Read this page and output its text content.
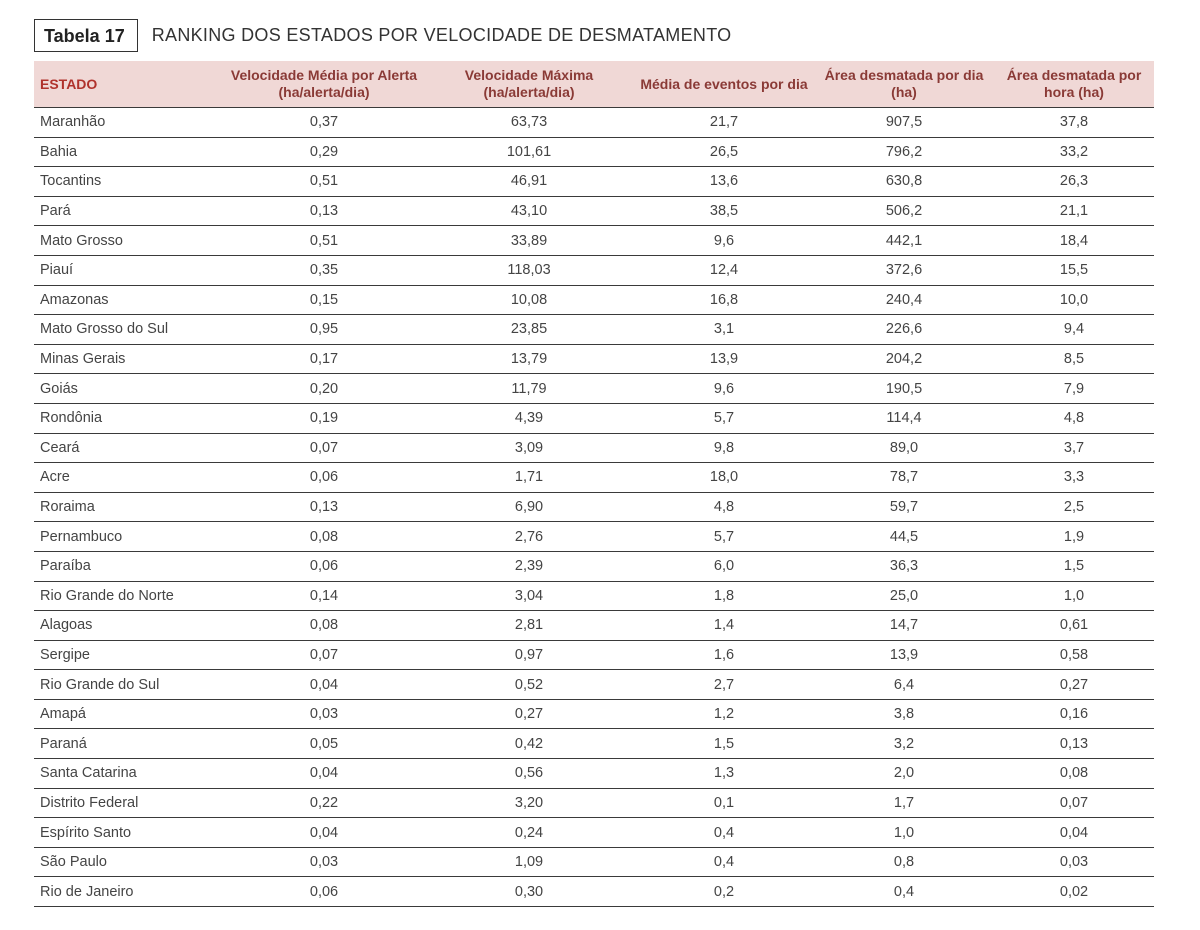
Tabela 17	RANKING DOS ESTADOS POR VELOCIDADE DE DESMATAMENTO
ESTADO	Velocidade Média por Alerta (ha/alerta/dia)	Velocidade Máxima (ha/alerta/dia)	Média de eventos por dia	Área desmatada por dia (ha)	Área desmatada por hora (ha)
Maranhão	0,37	63,73	21,7	907,5	37,8
Bahia	0,29	101,61	26,5	796,2	33,2
Tocantins	0,51	46,91	13,6	630,8	26,3
Pará	0,13	43,10	38,5	506,2	21,1
Mato Grosso	0,51	33,89	9,6	442,1	18,4
Piauí	0,35	118,03	12,4	372,6	15,5
Amazonas	0,15	10,08	16,8	240,4	10,0
Mato Grosso do Sul	0,95	23,85	3,1	226,6	9,4
Minas Gerais	0,17	13,79	13,9	204,2	8,5
Goiás	0,20	11,79	9,6	190,5	7,9
Rondônia	0,19	4,39	5,7	114,4	4,8
Ceará	0,07	3,09	9,8	89,0	3,7
Acre	0,06	1,71	18,0	78,7	3,3
Roraima	0,13	6,90	4,8	59,7	2,5
Pernambuco	0,08	2,76	5,7	44,5	1,9
Paraíba	0,06	2,39	6,0	36,3	1,5
Rio Grande do Norte	0,14	3,04	1,8	25,0	1,0
Alagoas	0,08	2,81	1,4	14,7	0,61
Sergipe	0,07	0,97	1,6	13,9	0,58
Rio Grande do Sul	0,04	0,52	2,7	6,4	0,27
Amapá	0,03	0,27	1,2	3,8	0,16
Paraná	0,05	0,42	1,5	3,2	0,13
Santa Catarina	0,04	0,56	1,3	2,0	0,08
Distrito Federal	0,22	3,20	0,1	1,7	0,07
Espírito Santo	0,04	0,24	0,4	1,0	0,04
São Paulo	0,03	1,09	0,4	0,8	0,03
Rio de Janeiro	0,06	0,30	0,2	0,4	0,02
